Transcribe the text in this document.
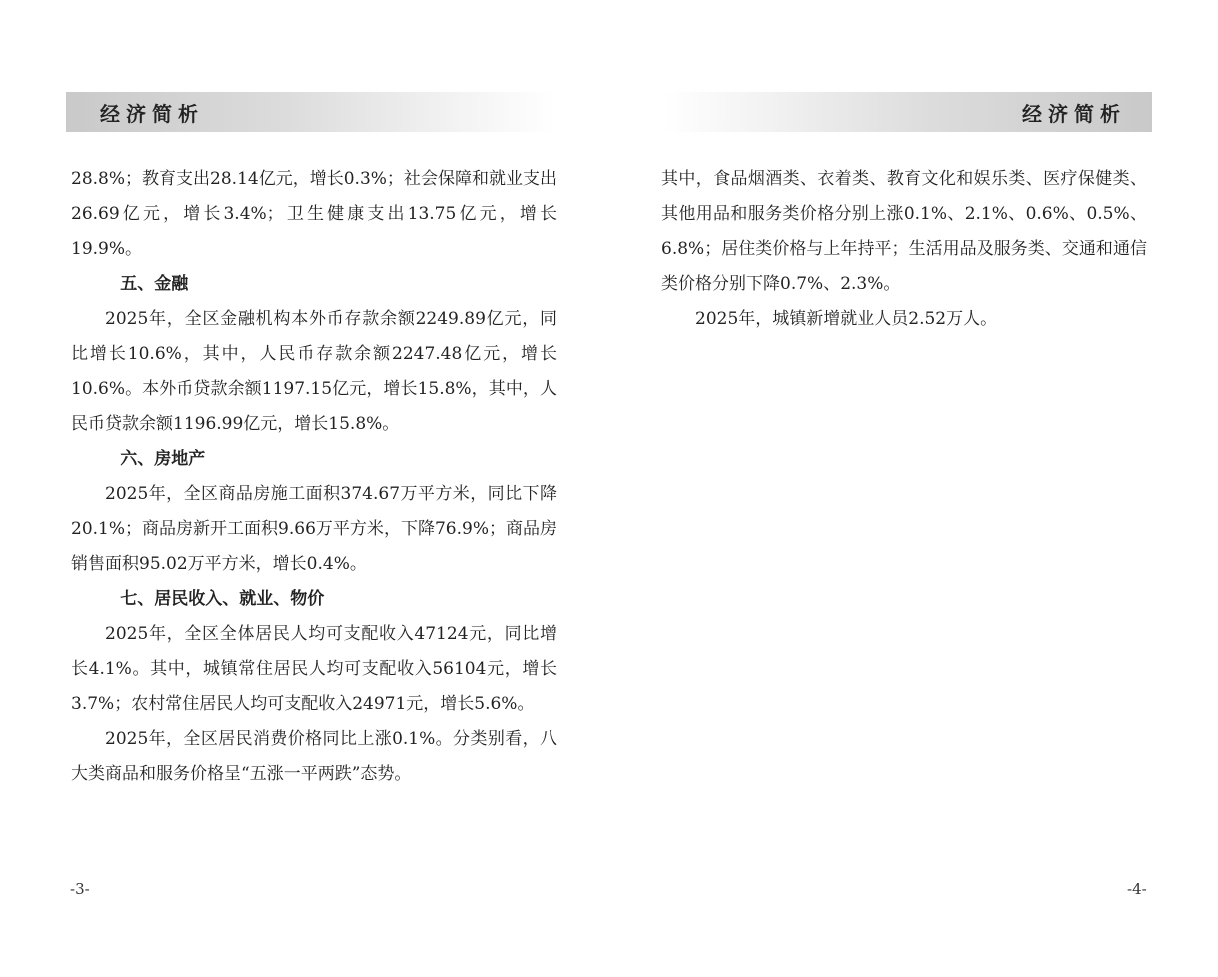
经济简析

28.8%；教育支出28.14亿元，增长0.3%；社会保障和就业支出26.69亿元，增长3.4%；卫生健康支出13.75亿元，增长19.9%。

五、金融

2025年，全区金融机构本外币存款余额2249.89亿元，同比增长10.6%，其中，人民币存款余额2247.48亿元，增长10.6%。本外币贷款余额1197.15亿元，增长15.8%，其中，人民币贷款余额1196.99亿元，增长15.8%。

六、房地产

2025年，全区商品房施工面积374.67万平方米，同比下降20.1%；商品房新开工面积9.66万平方米，下降76.9%；商品房销售面积95.02万平方米，增长0.4%。

七、居民收入、就业、物价

2025年，全区全体居民人均可支配收入47124元，同比增长4.1%。其中，城镇常住居民人均可支配收入56104元，增长3.7%；农村常住居民人均可支配收入24971元，增长5.6%。

2025年，全区居民消费价格同比上涨0.1%。分类别看，八大类商品和服务价格呈“五涨一平两跌”态势。

-3-
经济简析

其中，食品烟酒类、衣着类、教育文化和娱乐类、医疗保健类、其他用品和服务类价格分别上涨0.1%、2.1%、0.6%、0.5%、6.8%；居住类价格与上年持平；生活用品及服务类、交通和通信类价格分别下降0.7%、2.3%。

2025年，城镇新增就业人员2.52万人。

-4-
